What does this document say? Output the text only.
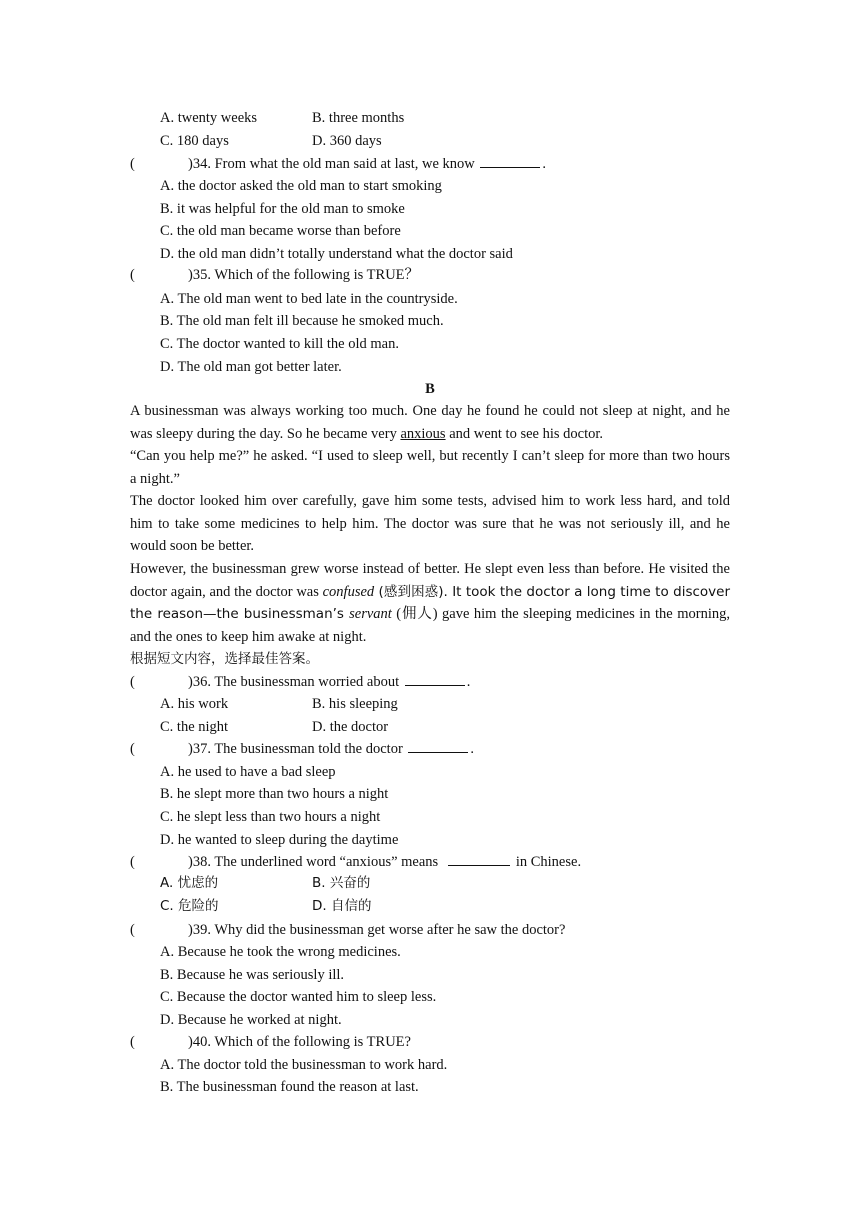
A. twenty weeks	B. three months
C. 180 days	D. 360 days
(	)34. From what the old man said at last, we know	.
A. the doctor asked the old man to start smoking
B. it was helpful for the old man to smoke
C. the old man became worse than before
D. the old man didn’t totally understand what the doctor said
(	)35. Which of the following is TRUE？
A. The old man went to bed late in the countryside.
B. The old man felt ill because he smoked much.
C. The doctor wanted to kill the old man.
D. The old man got better later.
B
A businessman was always working too much. One day he found he could not sleep at night, and he was sleepy during the day. So he became very anxious and went to see his doctor.
“Can you help me?” he asked. “I used to sleep well, but recently I can’t sleep for more than two hours a night.”
The doctor looked him over carefully, gave him some tests, advised him to work less hard, and told him to take some medicines to help him. The doctor was sure that he was not seriously ill, and he would soon be better.
However, the businessman grew worse instead of better. He slept even less than before. He visited the doctor again, and the doctor was confused (感到困惑). It took the doctor a long time to discover the reason—the businessman’s servant (佣人) gave him the sleeping medicines in the morning, and the ones to keep him awake at night.
根据短文内容，选择最佳答案。
(	)36. The businessman worried about	.
A. his work	B. his sleeping
C. the night	D. the doctor
(	)37. The businessman told the doctor	.
A. he used to have a bad sleep
B. he slept more than two hours a night
C. he slept less than two hours a night
D. he wanted to sleep during the daytime
(	)38. The underlined word “anxious” means	in Chinese.
A. 忧虑的	B. 兴奋的
C. 危险的	D. 自信的
(	)39. Why did the businessman get worse after he saw the doctor?
A. Because he took the wrong medicines.
B. Because he was seriously ill.
C. Because the doctor wanted him to sleep less.
D. Because he worked at night.
(	)40. Which of the following is TRUE?
A. The doctor told the businessman to work hard.
B. The businessman found the reason at last.
